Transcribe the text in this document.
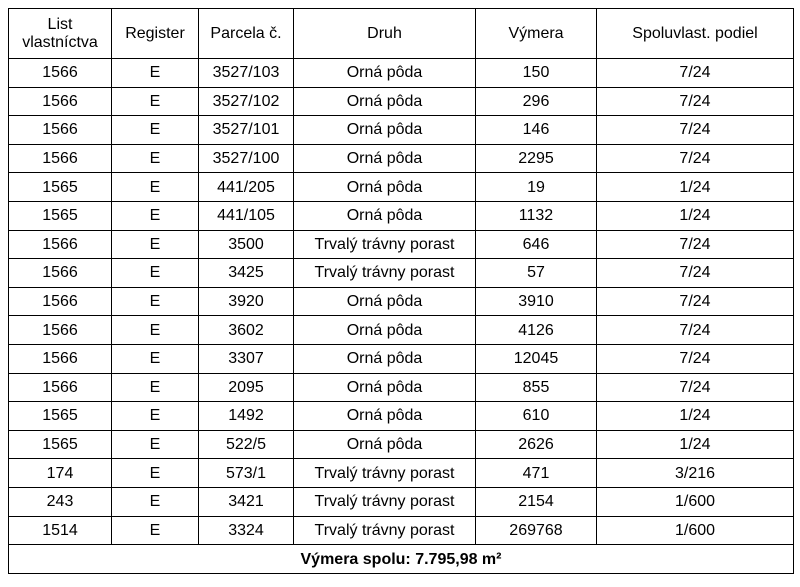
List vlastníctva	Register	Parcela č.	Druh	Výmera	Spoluvlast. podiel
1566	E	3527/103	Orná pôda	150	7/24
1566	E	3527/102	Orná pôda	296	7/24
1566	E	3527/101	Orná pôda	146	7/24
1566	E	3527/100	Orná pôda	2295	7/24
1565	E	441/205	Orná pôda	19	1/24
1565	E	441/105	Orná pôda	1132	1/24
1566	E	3500	Trvalý trávny porast	646	7/24
1566	E	3425	Trvalý trávny porast	57	7/24
1566	E	3920	Orná pôda	3910	7/24
1566	E	3602	Orná pôda	4126	7/24
1566	E	3307	Orná pôda	12045	7/24
1566	E	2095	Orná pôda	855	7/24
1565	E	1492	Orná pôda	610	1/24
1565	E	522/5	Orná pôda	2626	1/24
174	E	573/1	Trvalý trávny porast	471	3/216
243	E	3421	Trvalý trávny porast	2154	1/600
1514	E	3324	Trvalý trávny porast	269768	1/600
Výmera spolu: 7.795,98 m²					
